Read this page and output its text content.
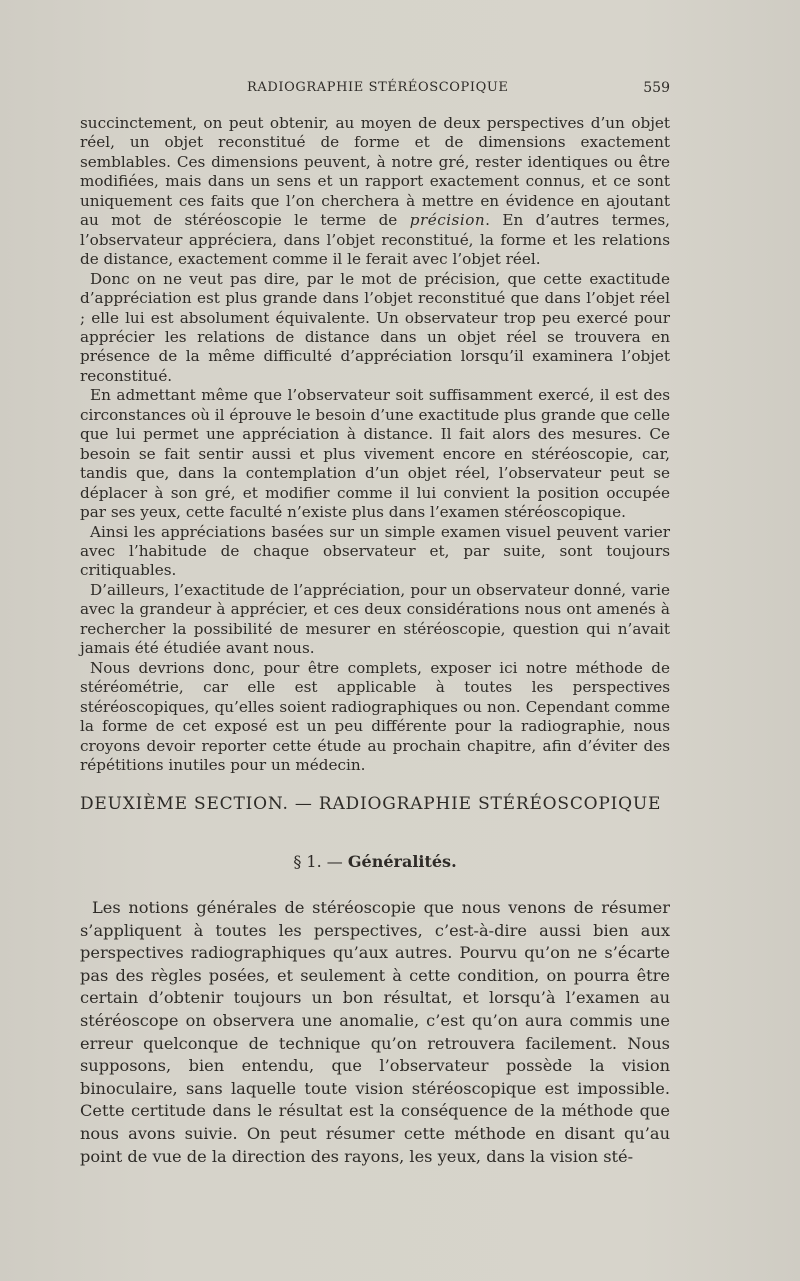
RADIOGRAPHIE STÉRÉOSCOPIQUE	559

succinctement, on peut obtenir, au moyen de deux perspectives d’un objet réel, un objet reconstitué de forme et de dimensions exactement semblables. Ces dimensions peuvent, à notre gré, rester identiques ou être modifiées, mais dans un sens et un rapport exactement connus, et ce sont uniquement ces faits que l’on cherchera à mettre en évidence en ajoutant au mot de stéréoscopie le terme de précision. En d’autres termes, l’observateur appréciera, dans l’objet reconstitué, la forme et les relations de distance, exactement comme il le ferait avec l’objet réel.

Donc on ne veut pas dire, par le mot de précision, que cette exactitude d’appréciation est plus grande dans l’objet reconstitué que dans l’objet réel ; elle lui est absolument équivalente. Un observateur trop peu exercé pour apprécier les relations de distance dans un objet réel se trouvera en présence de la même difficulté d’appréciation lorsqu’il examinera l’objet reconstitué.

En admettant même que l’observateur soit suffisamment exercé, il est des circonstances où il éprouve le besoin d’une exactitude plus grande que celle que lui permet une appréciation à distance. Il fait alors des mesures. Ce besoin se fait sentir aussi et plus vivement encore en stéréoscopie, car, tandis que, dans la contemplation d’un objet réel, l’observateur peut se déplacer à son gré, et modifier comme il lui convient la position occupée par ses yeux, cette faculté n’existe plus dans l’examen stéréoscopique.

Ainsi les appréciations basées sur un simple examen visuel peuvent varier avec l’habitude de chaque observateur et, par suite, sont toujours critiquables.

D’ailleurs, l’exactitude de l’appréciation, pour un observateur donné, varie avec la grandeur à apprécier, et ces deux considérations nous ont amenés à rechercher la possibilité de mesurer en stéréoscopie, question qui n’avait jamais été étudiée avant nous.

Nous devrions donc, pour être complets, exposer ici notre méthode de stéréométrie, car elle est applicable à toutes les perspectives stéréoscopiques, qu’elles soient radiographiques ou non. Cependant comme la forme de cet exposé est un peu différente pour la radiographie, nous croyons devoir reporter cette étude au prochain chapitre, afin d’éviter des répétitions inutiles pour un médecin.

DEUXIÈME SECTION. — RADIOGRAPHIE STÉRÉOSCOPIQUE
§ 1. — Généralités.

Les notions générales de stéréoscopie que nous venons de résumer s’appliquent à toutes les perspectives, c’est-à-dire aussi bien aux perspectives radiographiques qu’aux autres. Pourvu qu’on ne s’écarte pas des règles posées, et seulement à cette condition, on pourra être certain d’obtenir toujours un bon résultat, et lorsqu’à l’examen au stéréoscope on observera une anomalie, c’est qu’on aura commis une erreur quelconque de technique qu’on retrouvera facilement. Nous supposons, bien entendu, que l’observateur possède la vision binoculaire, sans laquelle toute vision stéréoscopique est impossible. Cette certitude dans le résultat est la conséquence de la méthode que nous avons suivie. On peut résumer cette méthode en disant qu’au point de vue de la direction des rayons, les yeux, dans la vision sté-
